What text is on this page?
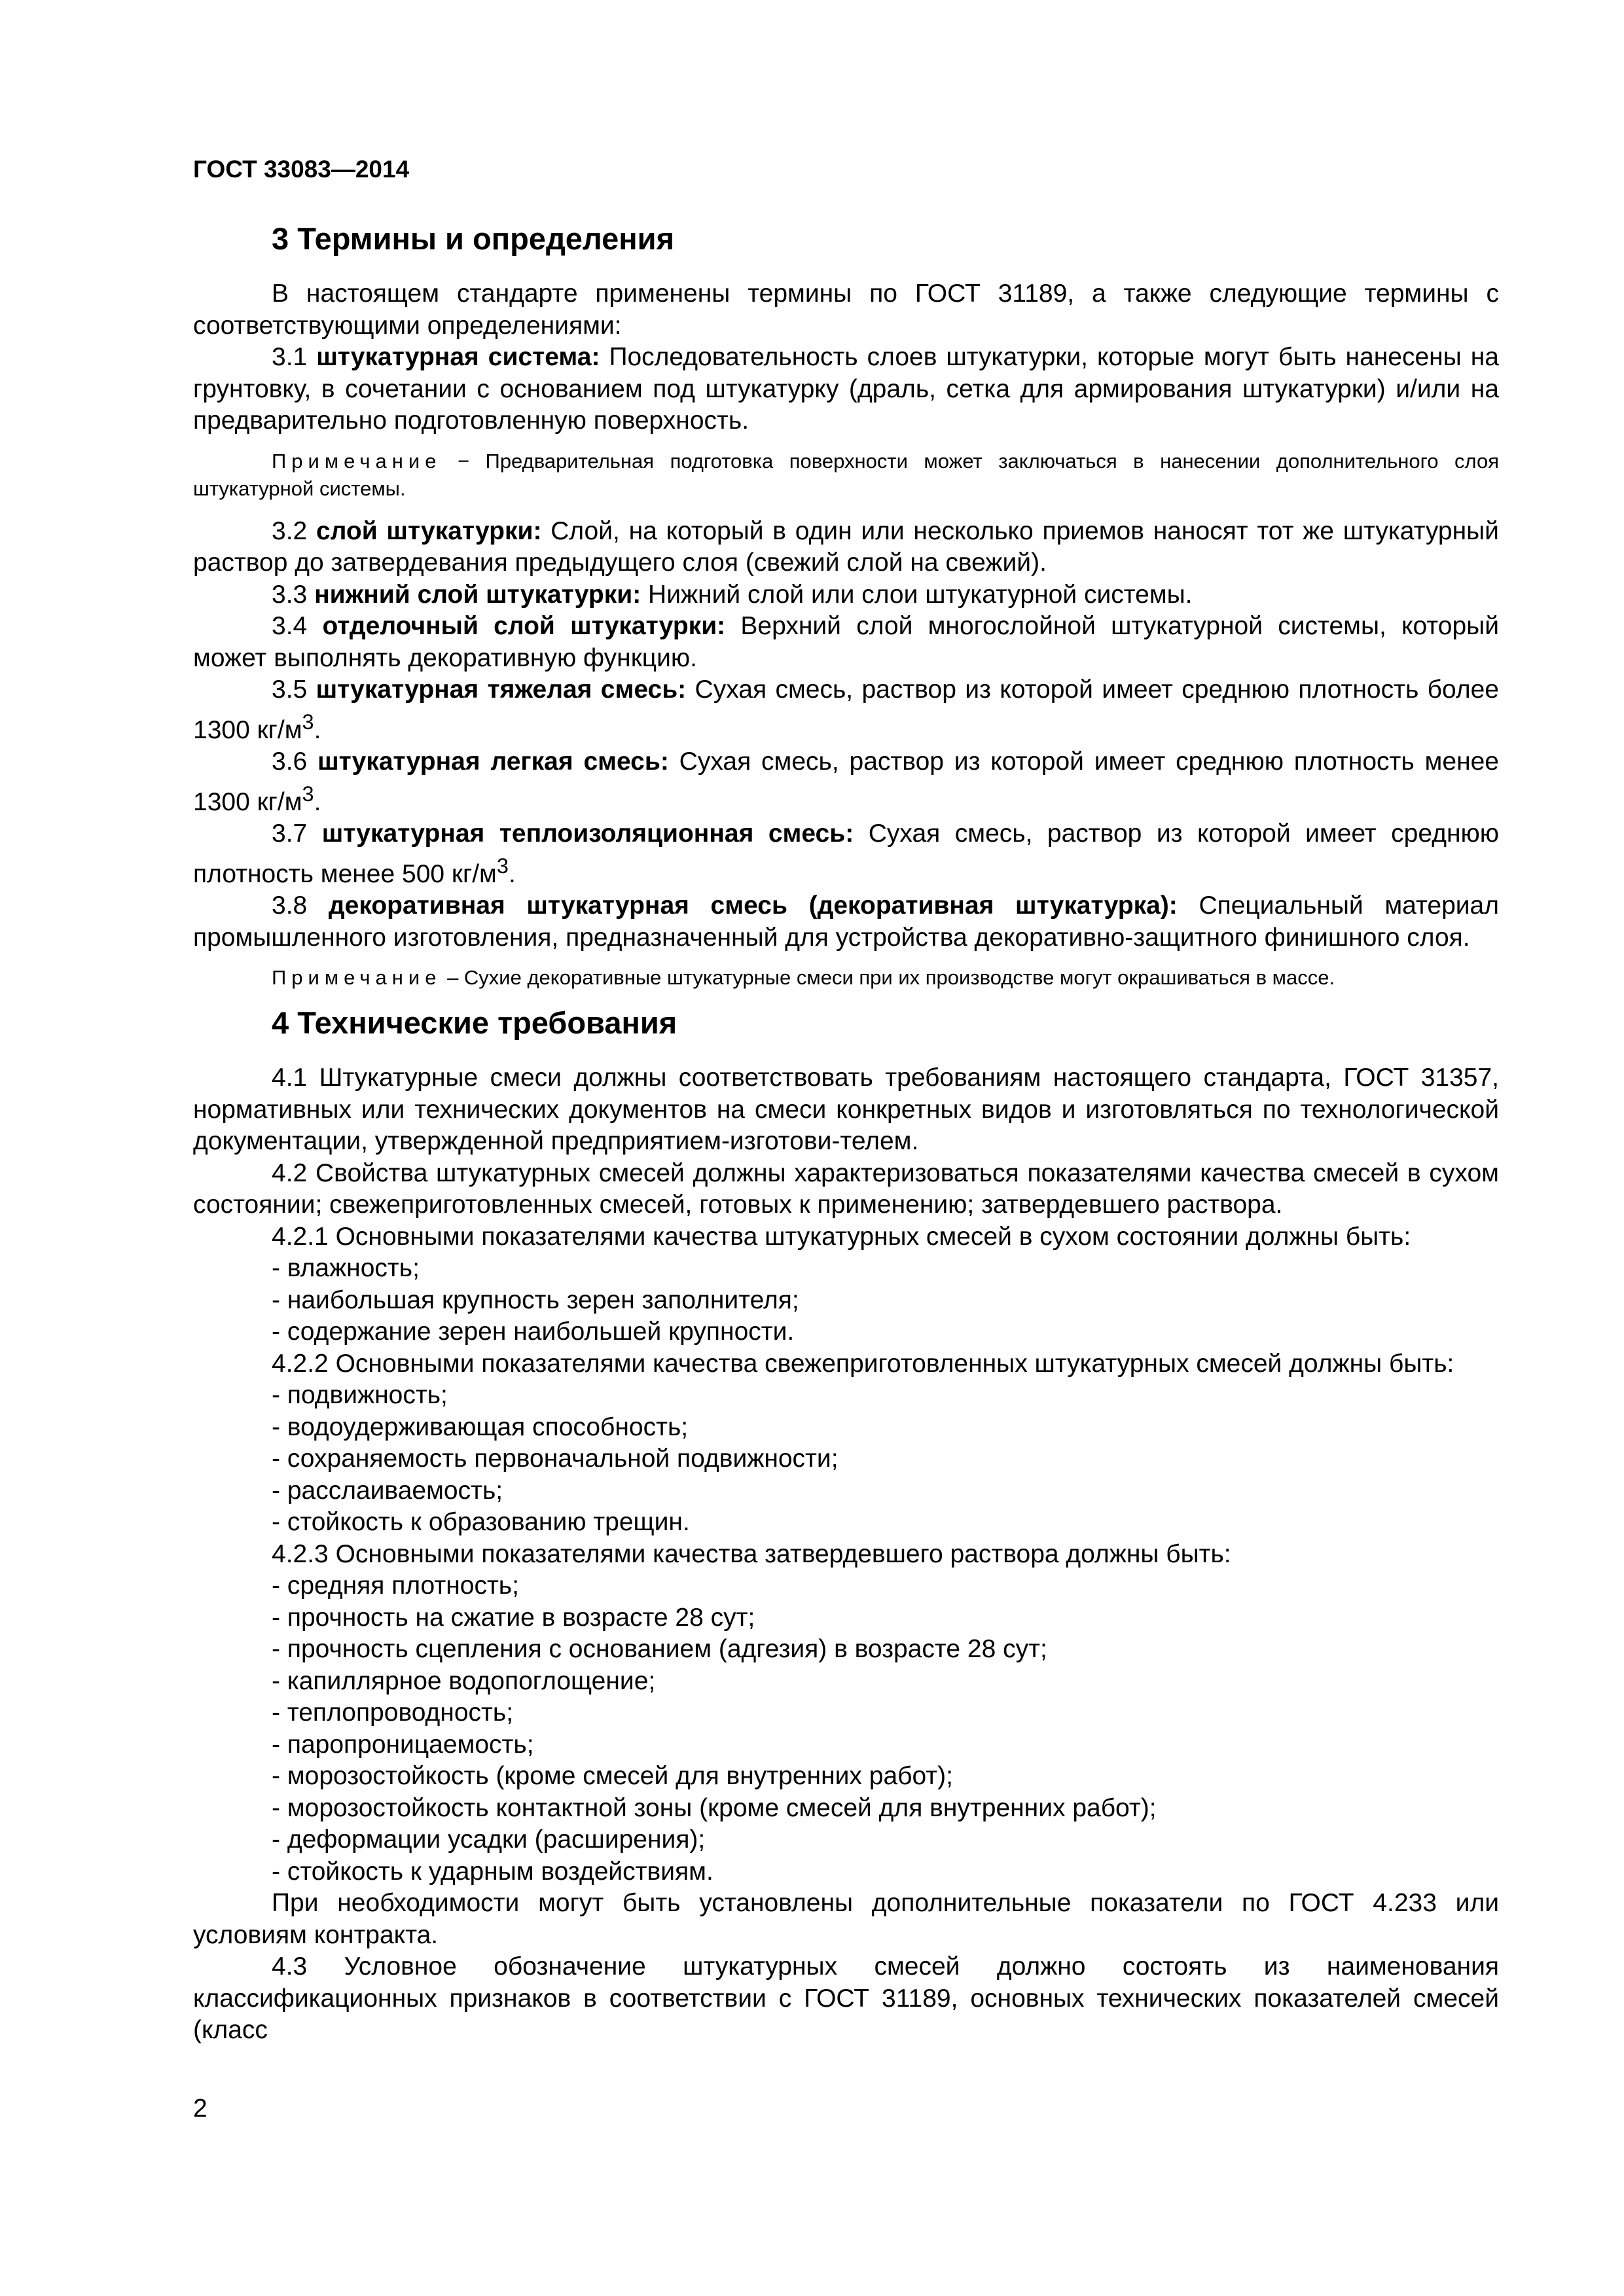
ГОСТ 33083—2014

3 Термины и определения

В настоящем стандарте применены термины по ГОСТ 31189, а также следующие термины с соответствующими определениями:

3.1 штукатурная система: Последовательность слоев штукатурки, которые могут быть нанесены на грунтовку, в сочетании с основанием под штукатурку (драль, сетка для армирования штукатурки) и/или на предварительно подготовленную поверхность.

Примечание − Предварительная подготовка поверхности может заключаться в нанесении дополнительного слоя штукатурной системы.

3.2 слой штукатурки: Слой, на который в один или несколько приемов наносят тот же штукатурный раствор до затвердевания предыдущего слоя (свежий слой на свежий).

3.3 нижний слой штукатурки: Нижний слой или слои штукатурной системы.

3.4 отделочный слой штукатурки: Верхний слой многослойной штукатурной системы, который может выполнять декоративную функцию.

3.5 штукатурная тяжелая смесь: Сухая смесь, раствор из которой имеет среднюю плотность более 1300 $кг/м^3$.

3.6 штукатурная легкая смесь: Сухая смесь, раствор из которой имеет среднюю плотность менее 1300 $кг/м^3$.

3.7 штукатурная теплоизоляционная смесь: Сухая смесь, раствор из которой имеет среднюю плотность менее 500 $кг/м^3$.

3.8 декоративная штукатурная смесь (декоративная штукатурка): Специальный материал промышленного изготовления, предназначенный для устройства декоративно-защитного финишного слоя.

Примечание – Сухие декоративные штукатурные смеси при их производстве могут окрашиваться в массе.

4 Технические требования

4.1 Штукатурные смеси должны соответствовать требованиям настоящего стандарта, ГОСТ 31357, нормативных или технических документов на смеси конкретных видов и изготовляться по технологической документации, утвержденной предприятием-изготови-телем.

4.2 Свойства штукатурных смесей должны характеризоваться показателями качества смесей в сухом состоянии; свежеприготовленных смесей, готовых к применению; затвердевшего раствора.

4.2.1 Основными показателями качества штукатурных смесей в сухом состоянии должны быть:

- влажность;

- наибольшая крупность зерен заполнителя;

- содержание зерен наибольшей крупности.

4.2.2 Основными показателями качества свежеприготовленных штукатурных смесей должны быть:

- подвижность;

- водоудерживающая способность;

- сохраняемость первоначальной подвижности;

- расслаиваемость;

- стойкость к образованию трещин.

4.2.3 Основными показателями качества затвердевшего раствора должны быть:

- средняя плотность;

- прочность на сжатие в возрасте 28 сут;

- прочность сцепления с основанием (адгезия) в возрасте 28 сут;

- капиллярное водопоглощение;

- теплопроводность;

- паропроницаемость;

- морозостойкость (кроме смесей для внутренних работ);

- морозостойкость контактной зоны (кроме смесей для внутренних работ);

- деформации усадки (расширения);

- стойкость к ударным воздействиям.

При необходимости могут быть установлены дополнительные показатели по ГОСТ 4.233 или условиям контракта.

4.3 Условное обозначение штукатурных смесей должно состоять из наименования классификационных признаков в соответствии с ГОСТ 31189, основных технических показателей смесей (класс

2
